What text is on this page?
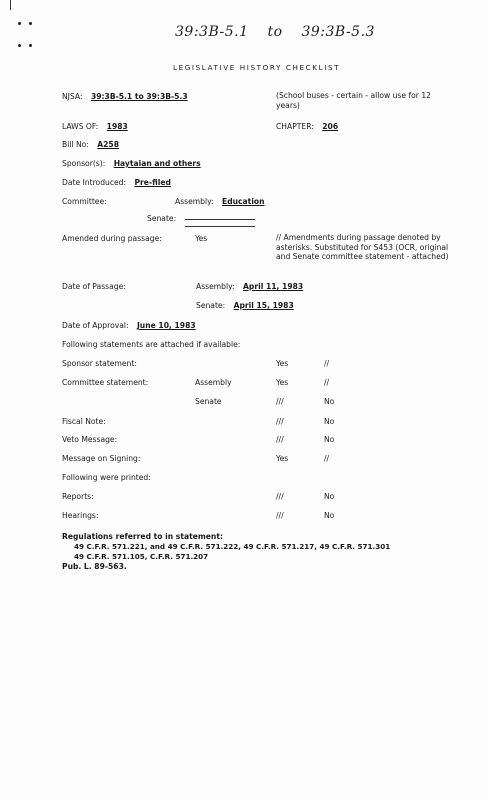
39:3B-5.1 to 39:3B-5.3
LEGISLATIVE HISTORY CHECKLIST
NJSA: 39:3B-5.1 to 39:3B-5.3	(School buses - certain - allow use for 12 years)
LAWS OF: 1983	CHAPTER: 206
Bill No: A258
Sponsor(s): Haytaian and others
Date Introduced: Pre-filed
Committee:	Assembly: Education
Senate:
Amended during passage:	Yes	// Amendments during passage denoted by asterisks. Substituted for S453 (OCR, original and Senate committee statement - attached)
Date of Passage:	Assembly: April 11, 1983
Senate: April 15, 1983
Date of Approval: June 10, 1983
Following statements are attached if available:
Sponsor statement:	Yes	//
Committee statement:	Assembly	Yes	//
Senate	///	No
Fiscal Note:	///	No
Veto Message:	///	No
Message on Signing:	Yes	//
Following were printed:
Reports:	///	No
Hearings:	///	No
Regulations referred to in statement:
49 C.F.R. 571.221, and 49 C.F.R. 571.222, 49 C.F.R. 571.217, 49 C.F.R. 571.301
49 C.F.R. 571.105, C.F.R. 571.207
Pub. L. 89-563.
